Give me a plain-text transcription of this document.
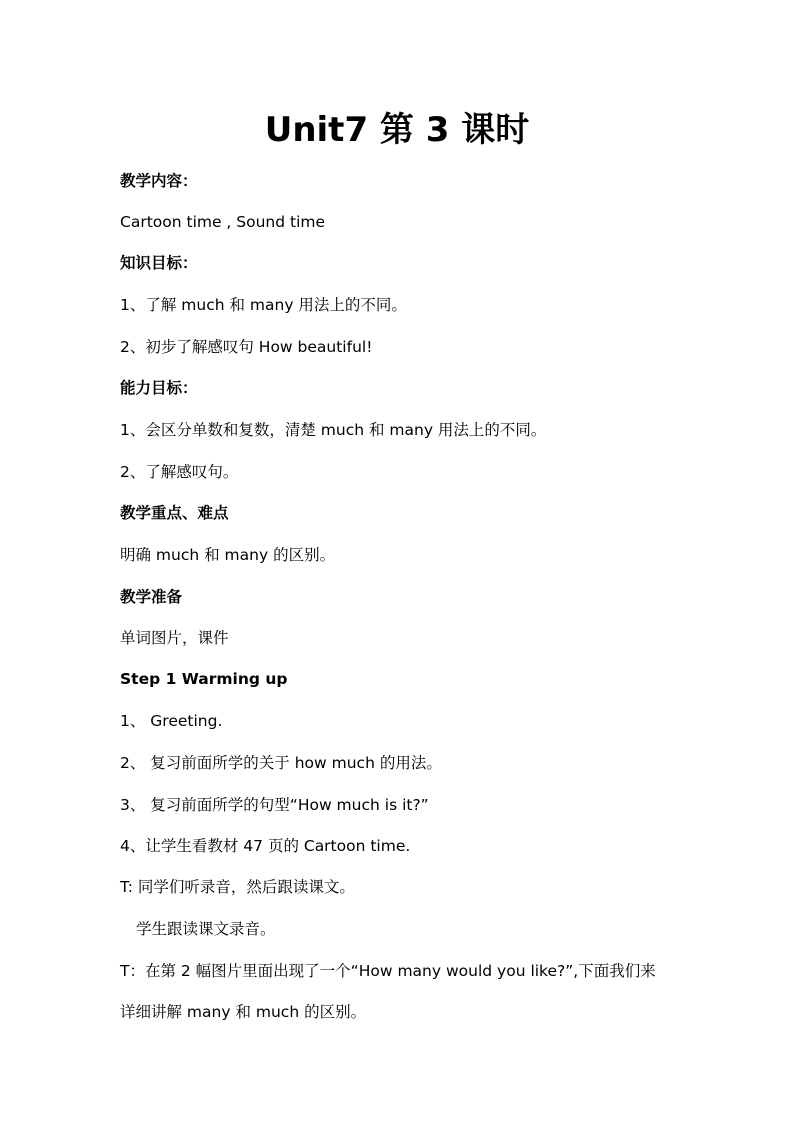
Unit7 第 3 课时
教学内容：
Cartoon time , Sound time
知识目标：
1、了解 much 和 many 用法上的不同。
2、初步了解感叹句 How beautiful!
能力目标：
1、会区分单数和复数，清楚 much 和 many 用法上的不同。
2、了解感叹句。
教学重点、难点
明确 much 和 many 的区别。
教学准备
单词图片，课件
Step 1 Warming up
1、 Greeting.
2、 复习前面所学的关于 how much 的用法。
3、 复习前面所学的句型“How much is it?”
4、让学生看教材 47 页的 Cartoon time.
T: 同学们听录音，然后跟读课文。
学生跟读课文录音。
T：在第 2 幅图片里面出现了一个“How many would you like?”,下面我们来
详细讲解 many 和 much 的区别。
